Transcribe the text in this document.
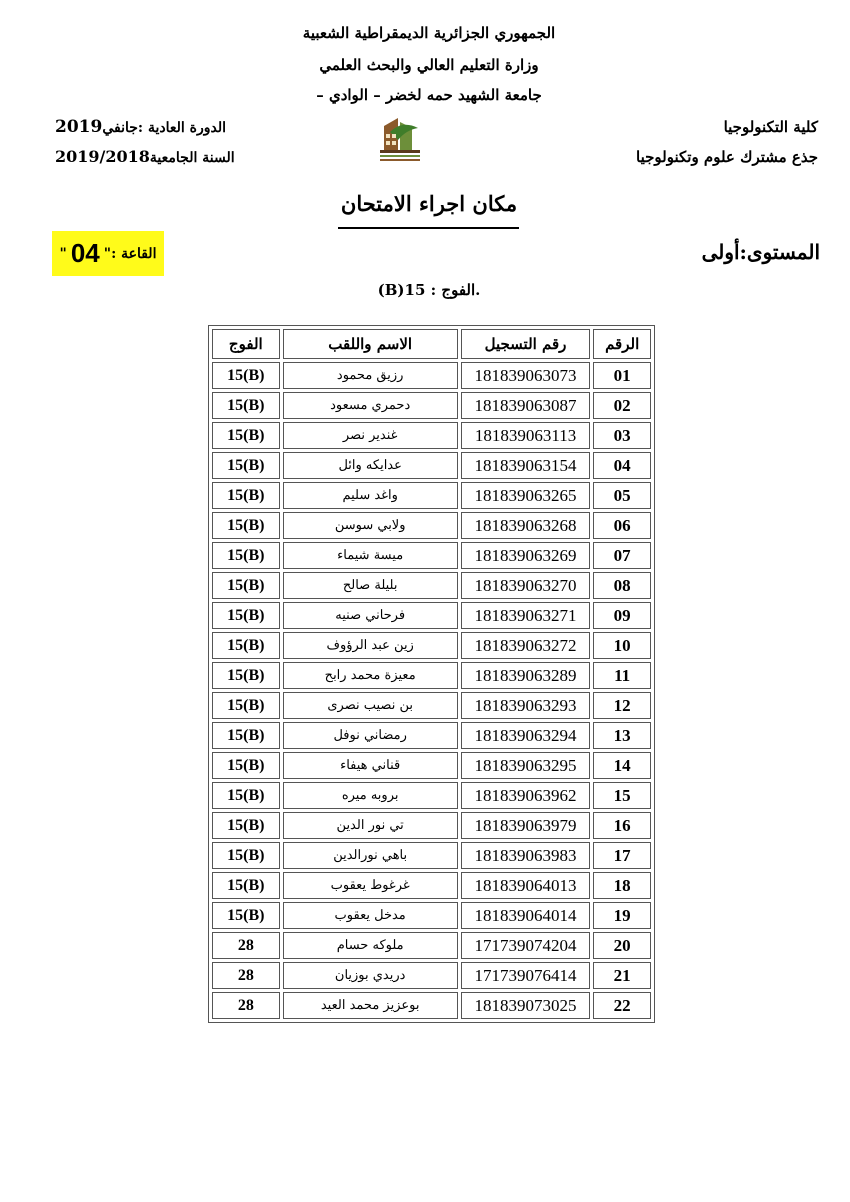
الجمهوري الجزائرية الديمقراطية الشعبية
وزارة التعليم العالي والبحث العلمي
جامعة الشهيد حمه لخضر – الوادي –
كلية التكنولوجيا
جذع مشترك علوم وتكنولوجيا
الدورة العادية :جانفي2019
السنة الجامعية2019/2018
مكان اجراء الامتحان
المستوى:أولى
القاعة :
"
04
"
.الفوج : 15(B)
الرقم	رقم التسجيل	الاسم واللقب	الفوج
01	181839063073	رزيق محمود	(B)15
02	181839063087	دحمري مسعود	(B)15
03	181839063113	غندير نصر	(B)15
04	181839063154	عدايكه وائل	(B)15
05	181839063265	واغد سليم	(B)15
06	181839063268	ولابي سوسن	(B)15
07	181839063269	ميسة شيماء	(B)15
08	181839063270	بليلة صالح	(B)15
09	181839063271	فرحاني صنيه	(B)15
10	181839063272	زين عبد الرؤوف	(B)15
11	181839063289	معيزة محمد رابح	(B)15
12	181839063293	بن نصيب نصرى	(B)15
13	181839063294	رمضاني نوفل	(B)15
14	181839063295	قناني هيفاء	(B)15
15	181839063962	بروبه ميره	(B)15
16	181839063979	تي نور الدين	(B)15
17	181839063983	باهي نورالدين	(B)15
18	181839064013	غرغوط يعقوب	(B)15
19	181839064014	مدخل يعقوب	(B)15
20	171739074204	ملوكه حسام	28
21	171739076414	دريدي بوزيان	28
22	181839073025	بوعزيز محمد العيد	28
